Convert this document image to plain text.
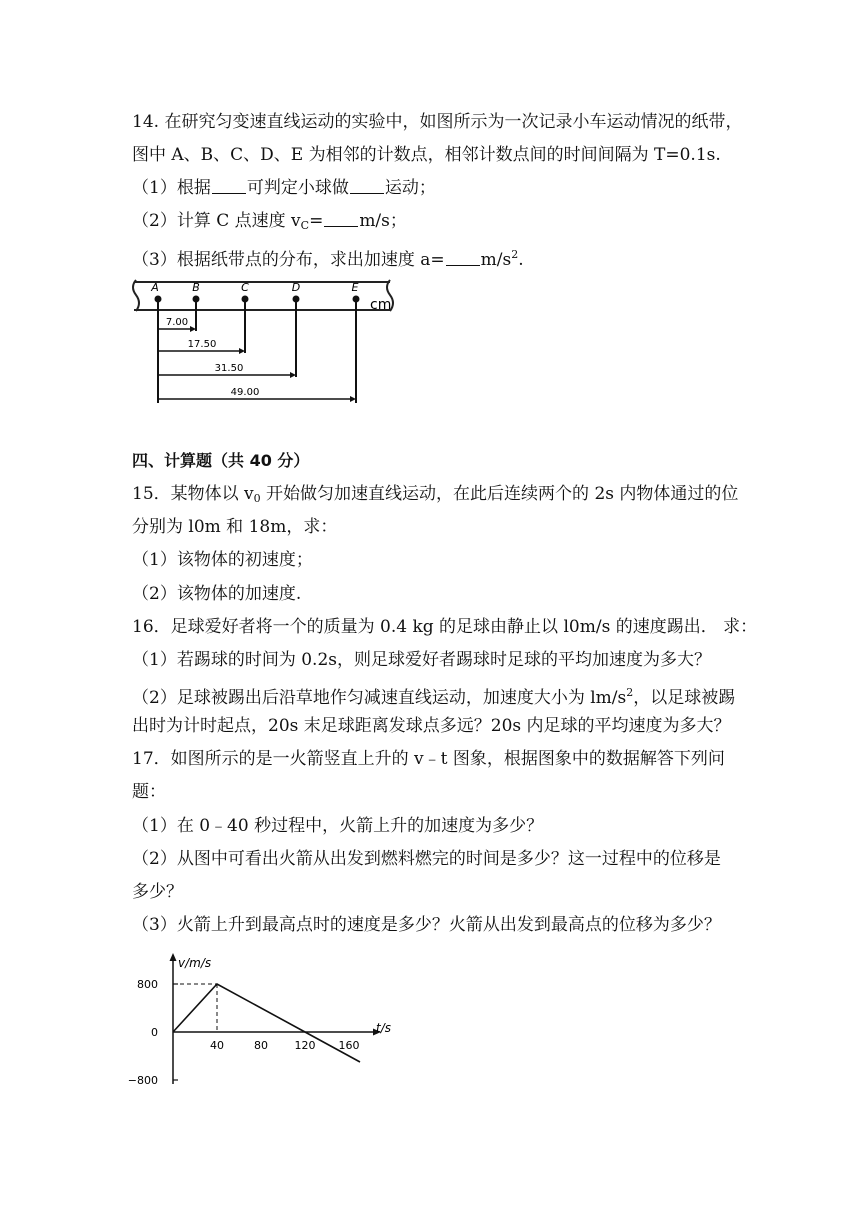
14. 在研究匀变速直线运动的实验中，如图所示为一次记录小车运动情况的纸带，
图中 A、B、C、D、E 为相邻的计数点，相邻计数点间的时间间隔为 T=0.1s.
（1）根据 可判定小球做 运动；
（2）计算 C 点速度 $v_C= m/s$；
（3）根据纸带点的分布，求出加速度 $a= m/s^2$.
A	B	C	D	E
cm
7.00
17.50
31.50
49.00
四、计算题（共 40 分）
15．某物体以 $v_0$ 开始做匀加速直线运动，在此后连续两个的 2s 内物体通过的位
分别为 l0m 和 18m，求：
（1）该物体的初速度；
（2）该物体的加速度.
16．足球爱好者将一个的质量为 0.4 kg 的足球由静止以 l0m/s 的速度踢出． 求：
（1）若踢球的时间为 0.2s，则足球爱好者踢球时足球的平均加速度为多大？
（2）足球被踢出后沿草地作匀减速直线运动，加速度大小为 $lm/s^2$，以足球被踢
出时为计时起点，20s 末足球距离发球点多远？20s 内足球的平均速度为多大？
17．如图所示的是一火箭竖直上升的 v﹣t 图象，根据图象中的数据解答下列问
题：
（1）在 0﹣40 秒过程中，火箭上升的加速度为多少？
（2）从图中可看出火箭从出发到燃料燃完的时间是多少？这一过程中的位移是
多少？
（3）火箭上升到最高点时的速度是多少？火箭从出发到最高点的位移为多少？
v/m/s
t/s
0
40	80 120 160
800
−800
